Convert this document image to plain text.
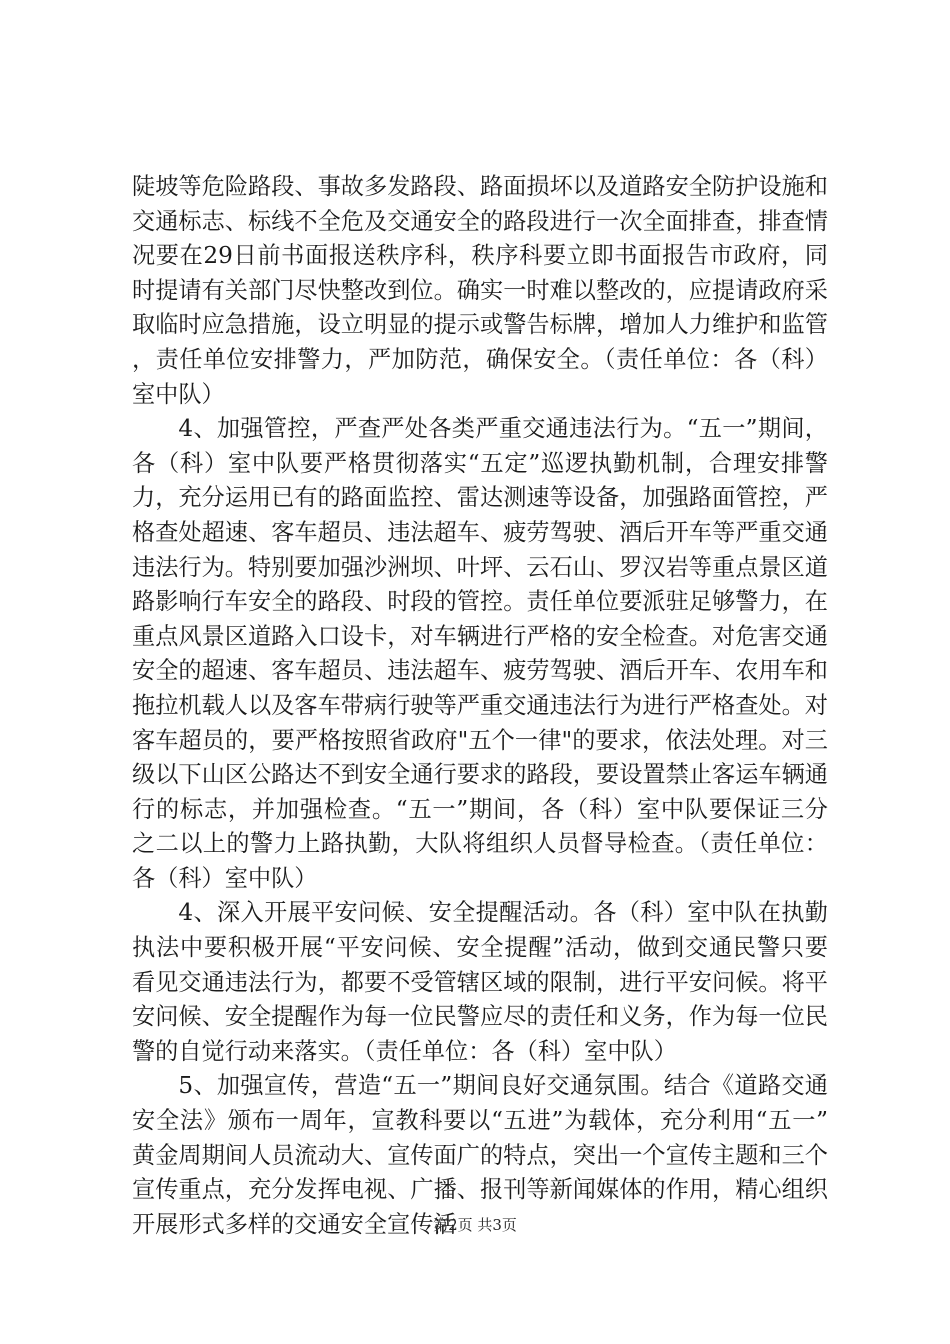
陡坡等危险路段、事故多发路段、路面损坏以及道路安全防护设施和交通标志、标线不全危及交通安全的路段进行一次全面排查，排查情况要在29日前书面报送秩序科，秩序科要立即书面报告市政府，同时提请有关部门尽快整改到位。确实一时难以整改的，应提请政府采取临时应急措施，设立明显的提示或警告标牌，增加人力维护和监管，责任单位安排警力，严加防范，确保安全。（责任单位：各（科）室中队）

4、加强管控，严查严处各类严重交通违法行为。“五一”期间，各（科）室中队要严格贯彻落实“五定”巡逻执勤机制，合理安排警力，充分运用已有的路面监控、雷达测速等设备，加强路面管控，严格查处超速、客车超员、违法超车、疲劳驾驶、酒后开车等严重交通违法行为。特别要加强沙洲坝、叶坪、云石山、罗汉岩等重点景区道路影响行车安全的路段、时段的管控。责任单位要派驻足够警力，在重点风景区道路入口设卡，对车辆进行严格的安全检查。对危害交通安全的超速、客车超员、违法超车、疲劳驾驶、酒后开车、农用车和拖拉机载人以及客车带病行驶等严重交通违法行为进行严格查处。对客车超员的，要严格按照省政府"五个一律"的要求，依法处理。对三级以下山区公路达不到安全通行要求的路段，要设置禁止客运车辆通行的标志，并加强检查。“五一”期间，各（科）室中队要保证三分之二以上的警力上路执勤，大队将组织人员督导检查。（责任单位：各（科）室中队）

4、深入开展平安问候、安全提醒活动。各（科）室中队在执勤执法中要积极开展“平安问候、安全提醒”活动，做到交通民警只要看见交通违法行为，都要不受管辖区域的限制，进行平安问候。将平安问候、安全提醒作为每一位民警应尽的责任和义务，作为每一位民警的自觉行动来落实。（责任单位：各（科）室中队）

5、加强宣传，营造“五一”期间良好交通氛围。结合《道路交通安全法》颁布一周年，宣教科要以“五进”为载体，充分利用“五一”黄金周期间人员流动大、宣传面广的特点，突出一个宣传主题和三个宣传重点，充分发挥电视、广播、报刊等新闻媒体的作用，精心组织开展形式多样的交通安全宣传活

第2页 共3页
